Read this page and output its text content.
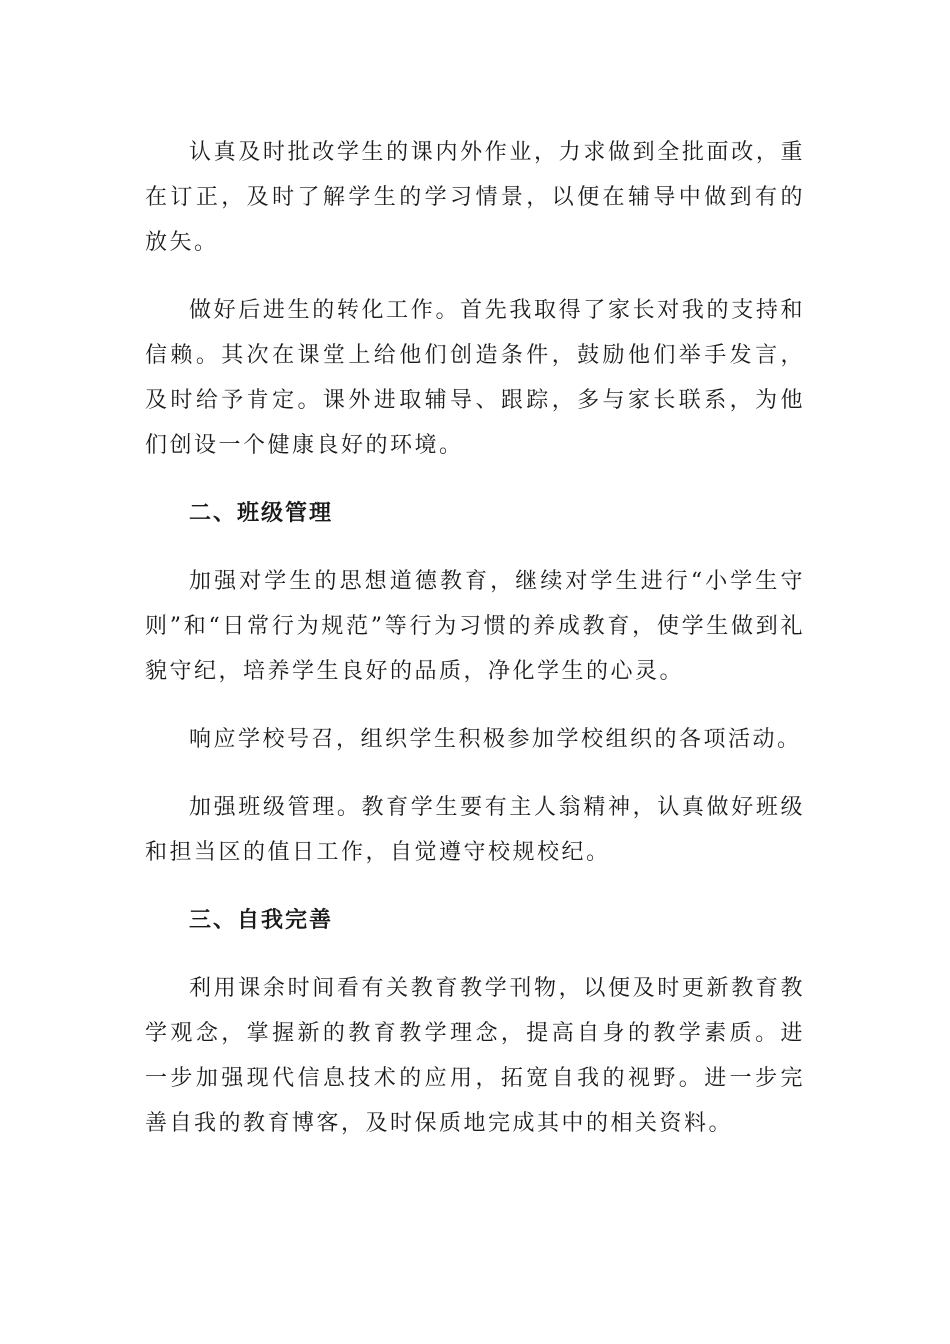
认真及时批改学生的课内外作业，力求做到全批面改，重在订正，及时了解学生的学习情景，以便在辅导中做到有的放矢。

做好后进生的转化工作。首先我取得了家长对我的支持和信赖。其次在课堂上给他们创造条件，鼓励他们举手发言，及时给予肯定。课外进取辅导、跟踪，多与家长联系，为他们创设一个健康良好的环境。

二、班级管理

加强对学生的思想道德教育，继续对学生进行“小学生守则”和“日常行为规范”等行为习惯的养成教育，使学生做到礼貌守纪，培养学生良好的品质，净化学生的心灵。

响应学校号召，组织学生积极参加学校组织的各项活动。

加强班级管理。教育学生要有主人翁精神，认真做好班级和担当区的值日工作，自觉遵守校规校纪。

三、自我完善

利用课余时间看有关教育教学刊物，以便及时更新教育教学观念，掌握新的教育教学理念，提高自身的教学素质。进一步加强现代信息技术的应用，拓宽自我的视野。进一步完善自我的教育博客，及时保质地完成其中的相关资料。
